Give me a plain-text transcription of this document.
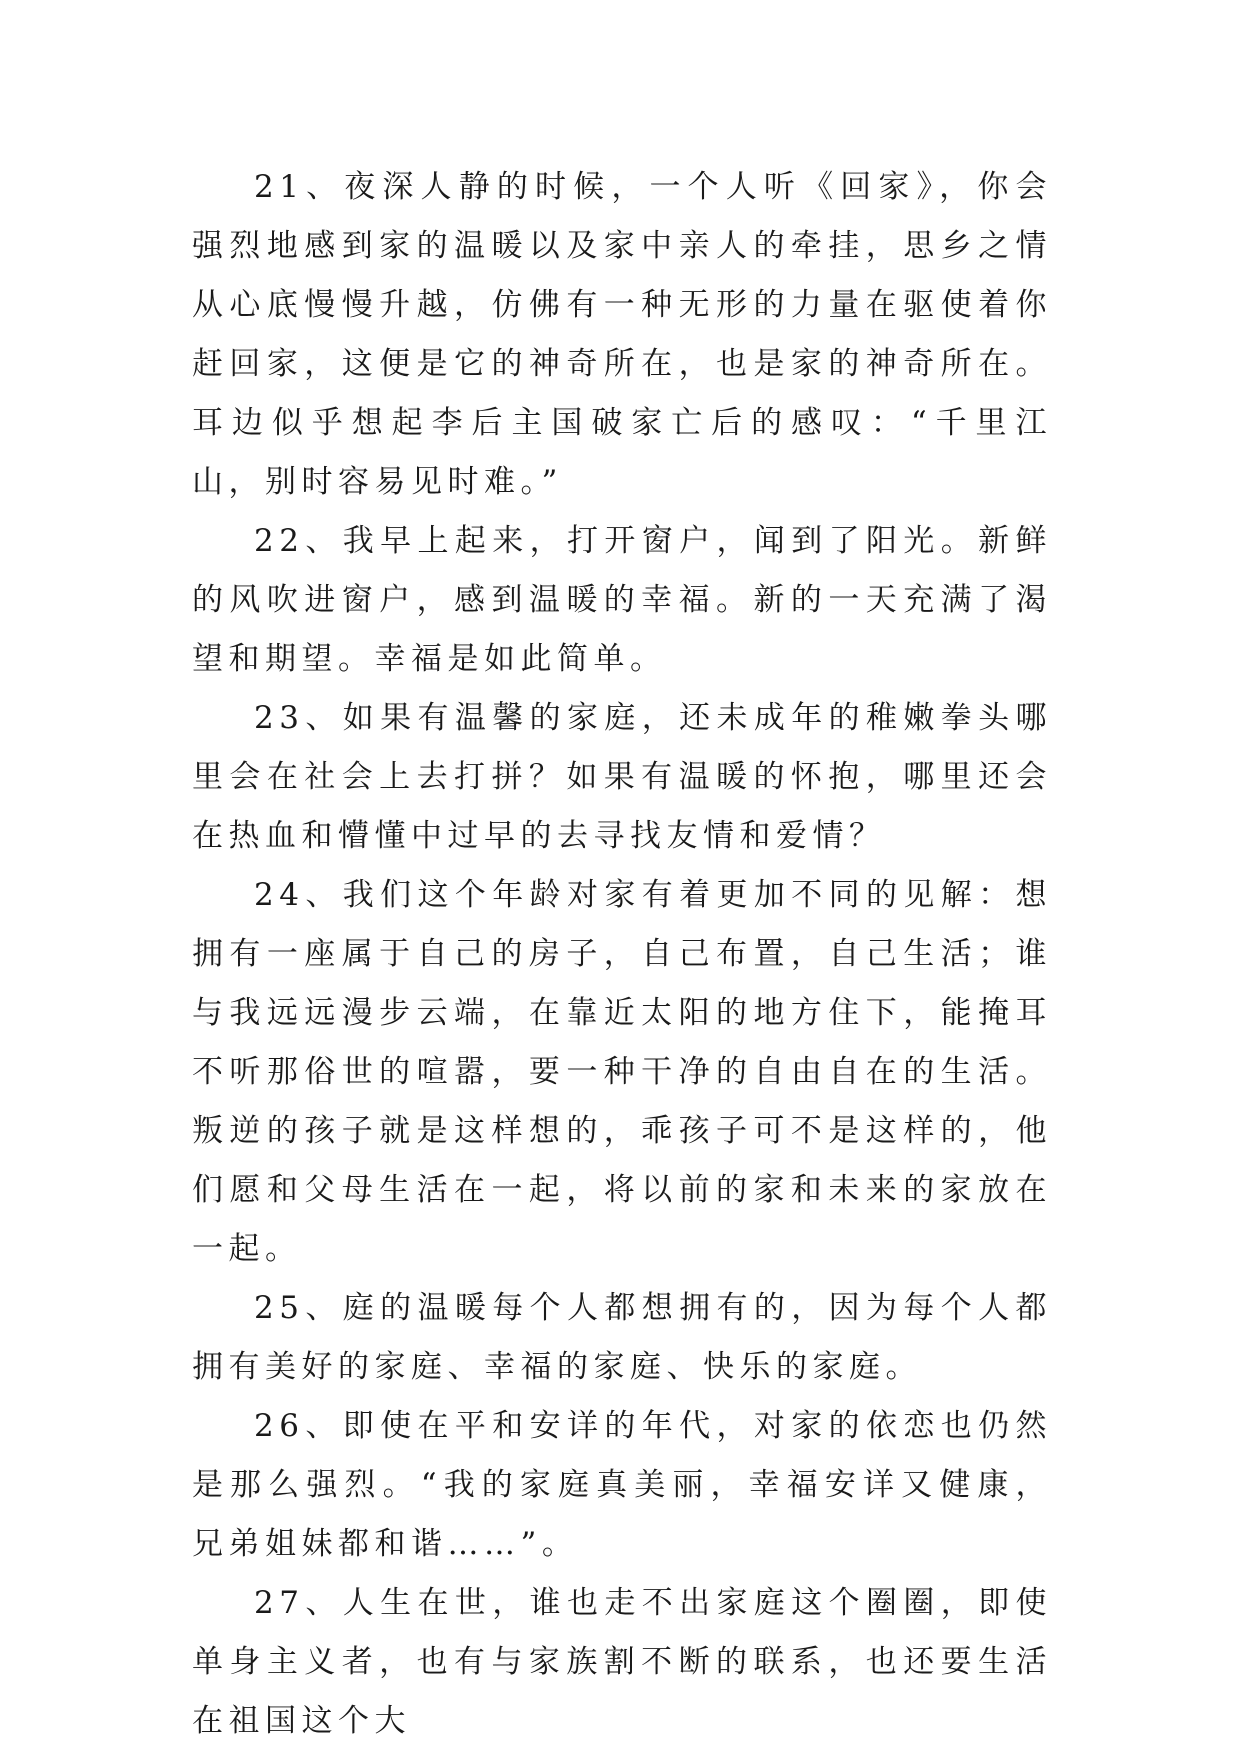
21、夜深人静的时候，一个人听《回家》，你会强烈地感到家的温暖以及家中亲人的牵挂，思乡之情从心底慢慢升越，仿佛有一种无形的力量在驱使着你赶回家，这便是它的神奇所在，也是家的神奇所在。耳边似乎想起李后主国破家亡后的感叹：“千里江山，别时容易见时难。”

22、我早上起来，打开窗户，闻到了阳光。新鲜的风吹进窗户，感到温暖的幸福。新的一天充满了渴望和期望。幸福是如此简单。

23、如果有温馨的家庭，还未成年的稚嫩拳头哪里会在社会上去打拼？如果有温暖的怀抱，哪里还会在热血和懵懂中过早的去寻找友情和爱情？

24、我们这个年龄对家有着更加不同的见解：想拥有一座属于自己的房子，自己布置，自己生活；谁与我远远漫步云端，在靠近太阳的地方住下，能掩耳不听那俗世的喧嚣，要一种干净的自由自在的生活。叛逆的孩子就是这样想的，乖孩子可不是这样的，他们愿和父母生活在一起，将以前的家和未来的家放在一起。

25、庭的温暖每个人都想拥有的，因为每个人都拥有美好的家庭、幸福的家庭、快乐的家庭。

26、即使在平和安详的年代，对家的依恋也仍然是那么强烈。“我的家庭真美丽，幸福安详又健康，兄弟姐妹都和谐……”。

27、人生在世，谁也走不出家庭这个圈圈，即使单身主义者，也有与家族割不断的联系，也还要生活在祖国这个大
